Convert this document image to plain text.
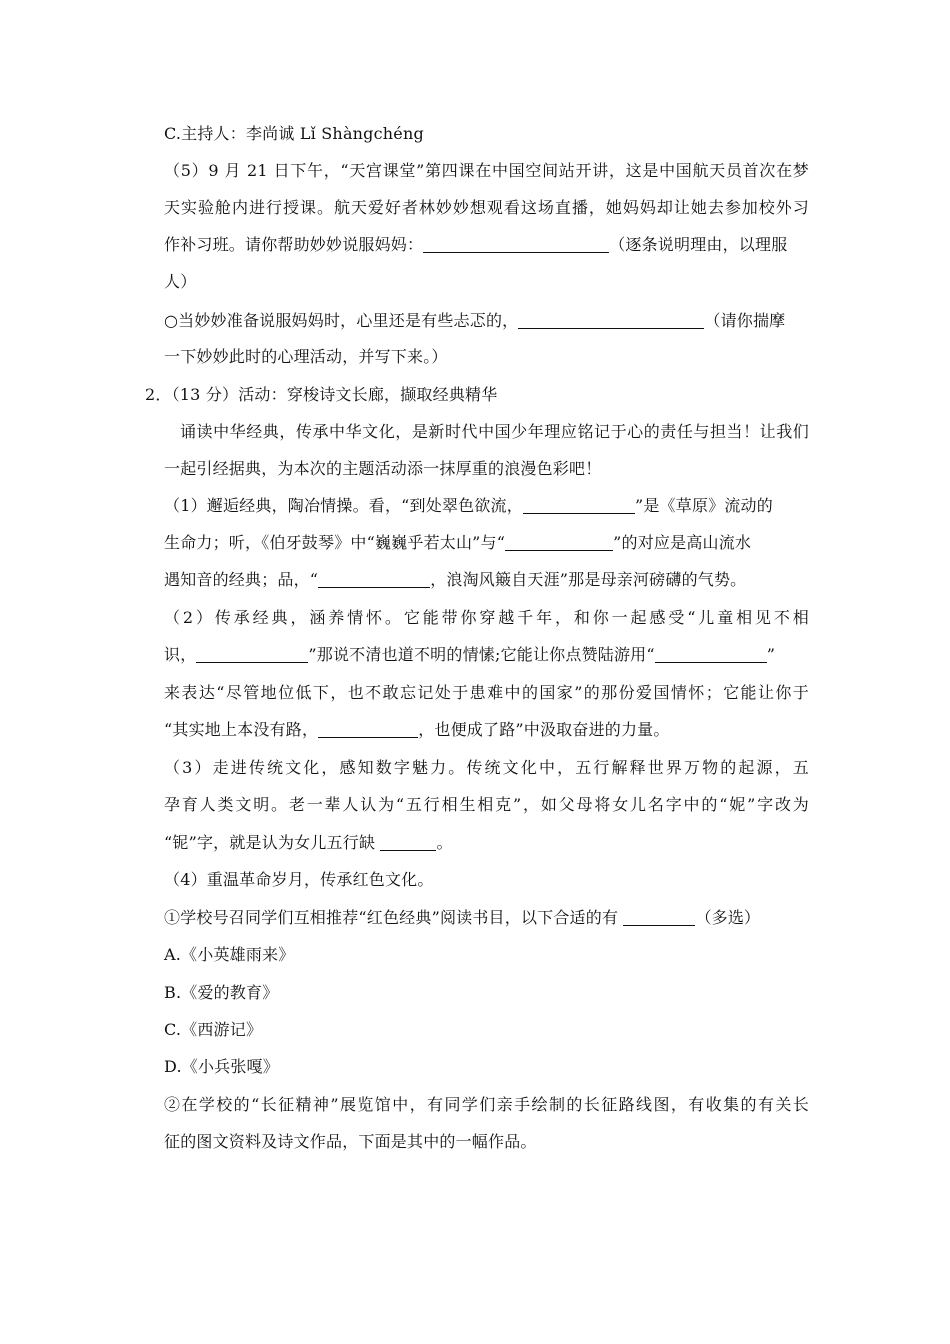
C.主持人：李尚诚 Lǐ Shàngchéng
（5）9 月 21 日下午，“天宫课堂”第四课在中国空间站开讲，这是中国航天员首次在梦
天实验舱内进行授课。航天爱好者林妙妙想观看这场直播，她妈妈却让她去参加校外习
作补习班。请你帮助妙妙说服妈妈：	（逐条说明理由，以理服
人）
○当妙妙准备说服妈妈时，心里还是有些忐忑的，	（请你揣摩
一下妙妙此时的心理活动，并写下来。）
2．（13 分）活动：穿梭诗文长廊，撷取经典精华
诵读中华经典，传承中华文化，是新时代中国少年理应铭记于心的责任与担当！让我们
一起引经据典，为本次的主题活动添一抹厚重的浪漫色彩吧！
（1）邂逅经典，陶冶情操。看，“到处翠色欲流，	”是《草原》流动的
生命力；听，《伯牙鼓琴》中“巍巍乎若太山”与“	”的对应是高山流水
遇知音的经典；品，“	，浪淘风簸自天涯”那是母亲河磅礴的气势。
（2）传承经典，涵养情怀。它能带你穿越千年，和你一起感受“儿童相见不相
识，	”那说不清也道不明的情愫;它能让你点赞陆游用“	”
来表达“尽管地位低下，也不敢忘记处于患难中的国家”的那份爱国情怀；它能让你于
“其实地上本没有路，	，也便成了路”中汲取奋进的力量。
（3）走进传统文化，感知数字魅力。传统文化中，五行解释世界万物的起源，五
孕育人类文明。老一辈人认为“五行相生相克”，如父母将女儿名字中的“妮”字改为
“铌”字，就是认为女儿五行缺	。
（4）重温革命岁月，传承红色文化。
①学校号召同学们互相推荐“红色经典”阅读书目，以下合适的有	（多选）
A.《小英雄雨来》
B.《爱的教育》
C.《西游记》
D.《小兵张嘎》
②在学校的“长征精神”展览馆中，有同学们亲手绘制的长征路线图，有收集的有关长
征的图文资料及诗文作品，下面是其中的一幅作品。
